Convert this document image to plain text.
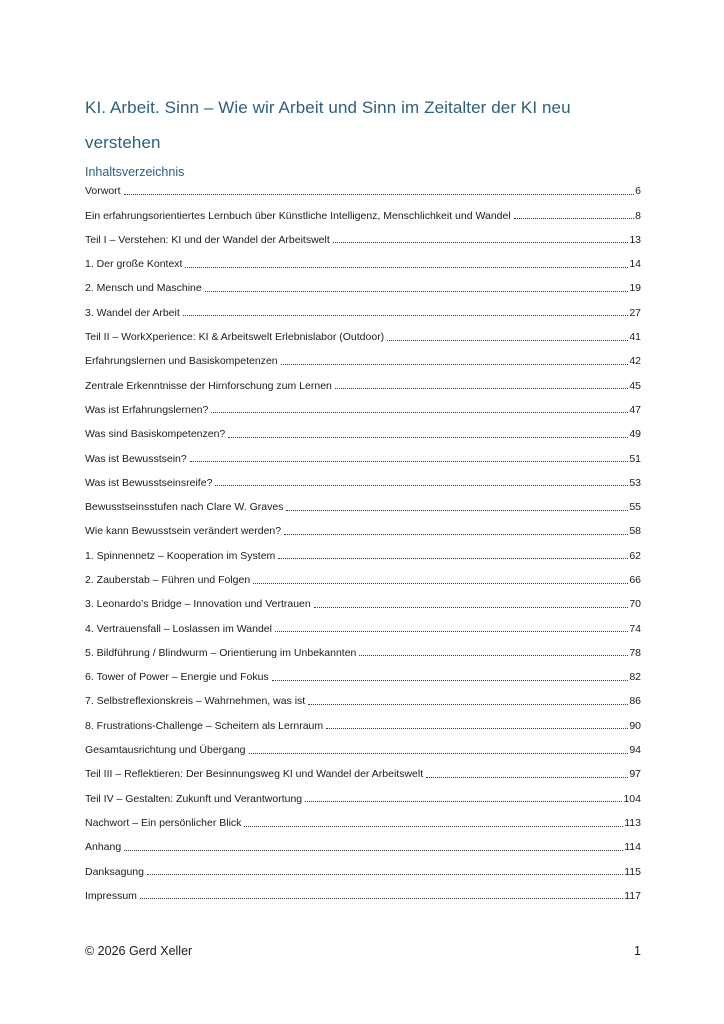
KI. Arbeit. Sinn – Wie wir Arbeit und Sinn im Zeitalter der KI neu verstehen
Inhaltsverzeichnis
Vorwort	6
Ein erfahrungsorientiertes Lernbuch über Künstliche Intelligenz, Menschlichkeit und Wandel	8
Teil I – Verstehen: KI und der Wandel der Arbeitswelt	13
1. Der große Kontext	14
2. Mensch und Maschine	19
3. Wandel der Arbeit	27
Teil II – WorkXperience: KI & Arbeitswelt Erlebnislabor (Outdoor)	41
Erfahrungslernen und Basiskompetenzen	42
Zentrale Erkenntnisse der Hirnforschung zum Lernen	45
Was ist Erfahrungslernen?	47
Was sind Basiskompetenzen?	49
Was ist Bewusstsein?	51
Was ist Bewusstseinsreife?	53
Bewusstseinsstufen nach Clare W. Graves	55
Wie kann Bewusstsein verändert werden?	58
1. Spinnennetz – Kooperation im System	62
2. Zauberstab – Führen und Folgen	66
3. Leonardo’s Bridge – Innovation und Vertrauen	70
4. Vertrauensfall – Loslassen im Wandel	74
5. Bildführung / Blindwurm – Orientierung im Unbekannten	78
6. Tower of Power – Energie und Fokus	82
7. Selbstreflexionskreis – Wahrnehmen, was ist	86
8. Frustrations-Challenge – Scheitern als Lernraum	90
Gesamtausrichtung und Übergang	94
Teil III – Reflektieren: Der Besinnungsweg KI und Wandel der Arbeitswelt	97
Teil IV – Gestalten: Zukunft und Verantwortung	104
Nachwort – Ein persönlicher Blick	113
Anhang	114
Danksagung	115
Impressum	117
© 2026 Gerd Xeller	1
